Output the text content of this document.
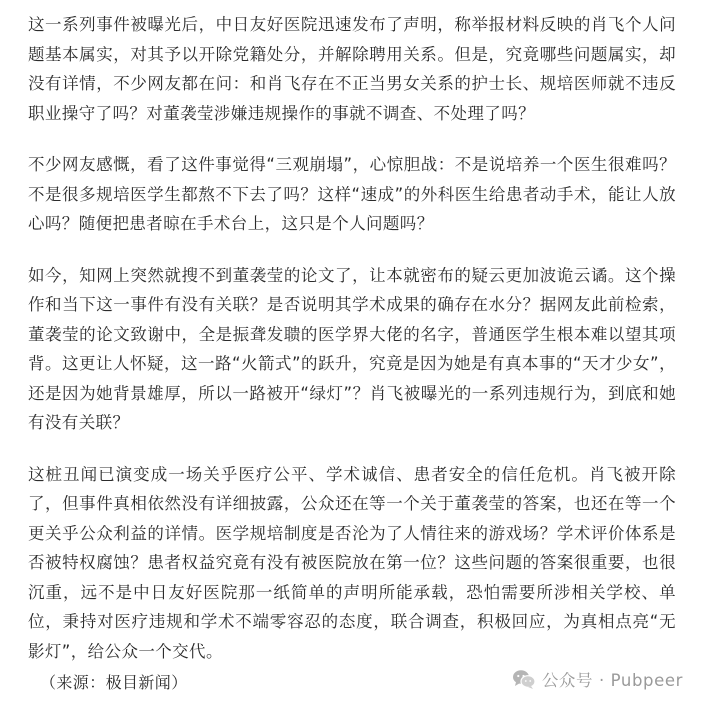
这一系列事件被曝光后，中日友好医院迅速发布了声明，称举报材料反映的肖飞个人问题基本属实，对其予以开除党籍处分，并解除聘用关系。但是，究竟哪些问题属实，却没有详情，不少网友都在问：和肖飞存在不正当男女关系的护士长、规培医师就不违反职业操守了吗？对董袭莹涉嫌违规操作的事就不调查、不处理了吗？

不少网友感慨，看了这件事觉得“三观崩塌”，心惊胆战：不是说培养一个医生很难吗？不是很多规培医学生都熬不下去了吗？这样“速成”的外科医生给患者动手术，能让人放心吗？随便把患者晾在手术台上，这只是个人问题吗？

如今，知网上突然就搜不到董袭莹的论文了，让本就密布的疑云更加波诡云谲。这个操作和当下这一事件有没有关联？是否说明其学术成果的确存在水分？据网友此前检索，董袭莹的论文致谢中，全是振聋发聩的医学界大佬的名字，普通医学生根本难以望其项背。这更让人怀疑，这一路“火箭式”的跃升，究竟是因为她是有真本事的“天才少女”，还是因为她背景雄厚，所以一路被开“绿灯”？肖飞被曝光的一系列违规行为，到底和她有没有关联？

这桩丑闻已演变成一场关乎医疗公平、学术诚信、患者安全的信任危机。肖飞被开除了，但事件真相依然没有详细披露，公众还在等一个关于董袭莹的答案，也还在等一个更关乎公众利益的详情。医学规培制度是否沦为了人情往来的游戏场？学术评价体系是否被特权腐蚀？患者权益究竟有没有被医院放在第一位？这些问题的答案很重要，也很沉重，远不是中日友好医院那一纸简单的声明所能承载，恐怕需要所涉相关学校、单位，秉持对医疗违规和学术不端零容忍的态度，联合调查，积极回应，为真相点亮“无影灯”，给公众一个交代。

（来源：极目新闻）	公众号 · Pubpeer
